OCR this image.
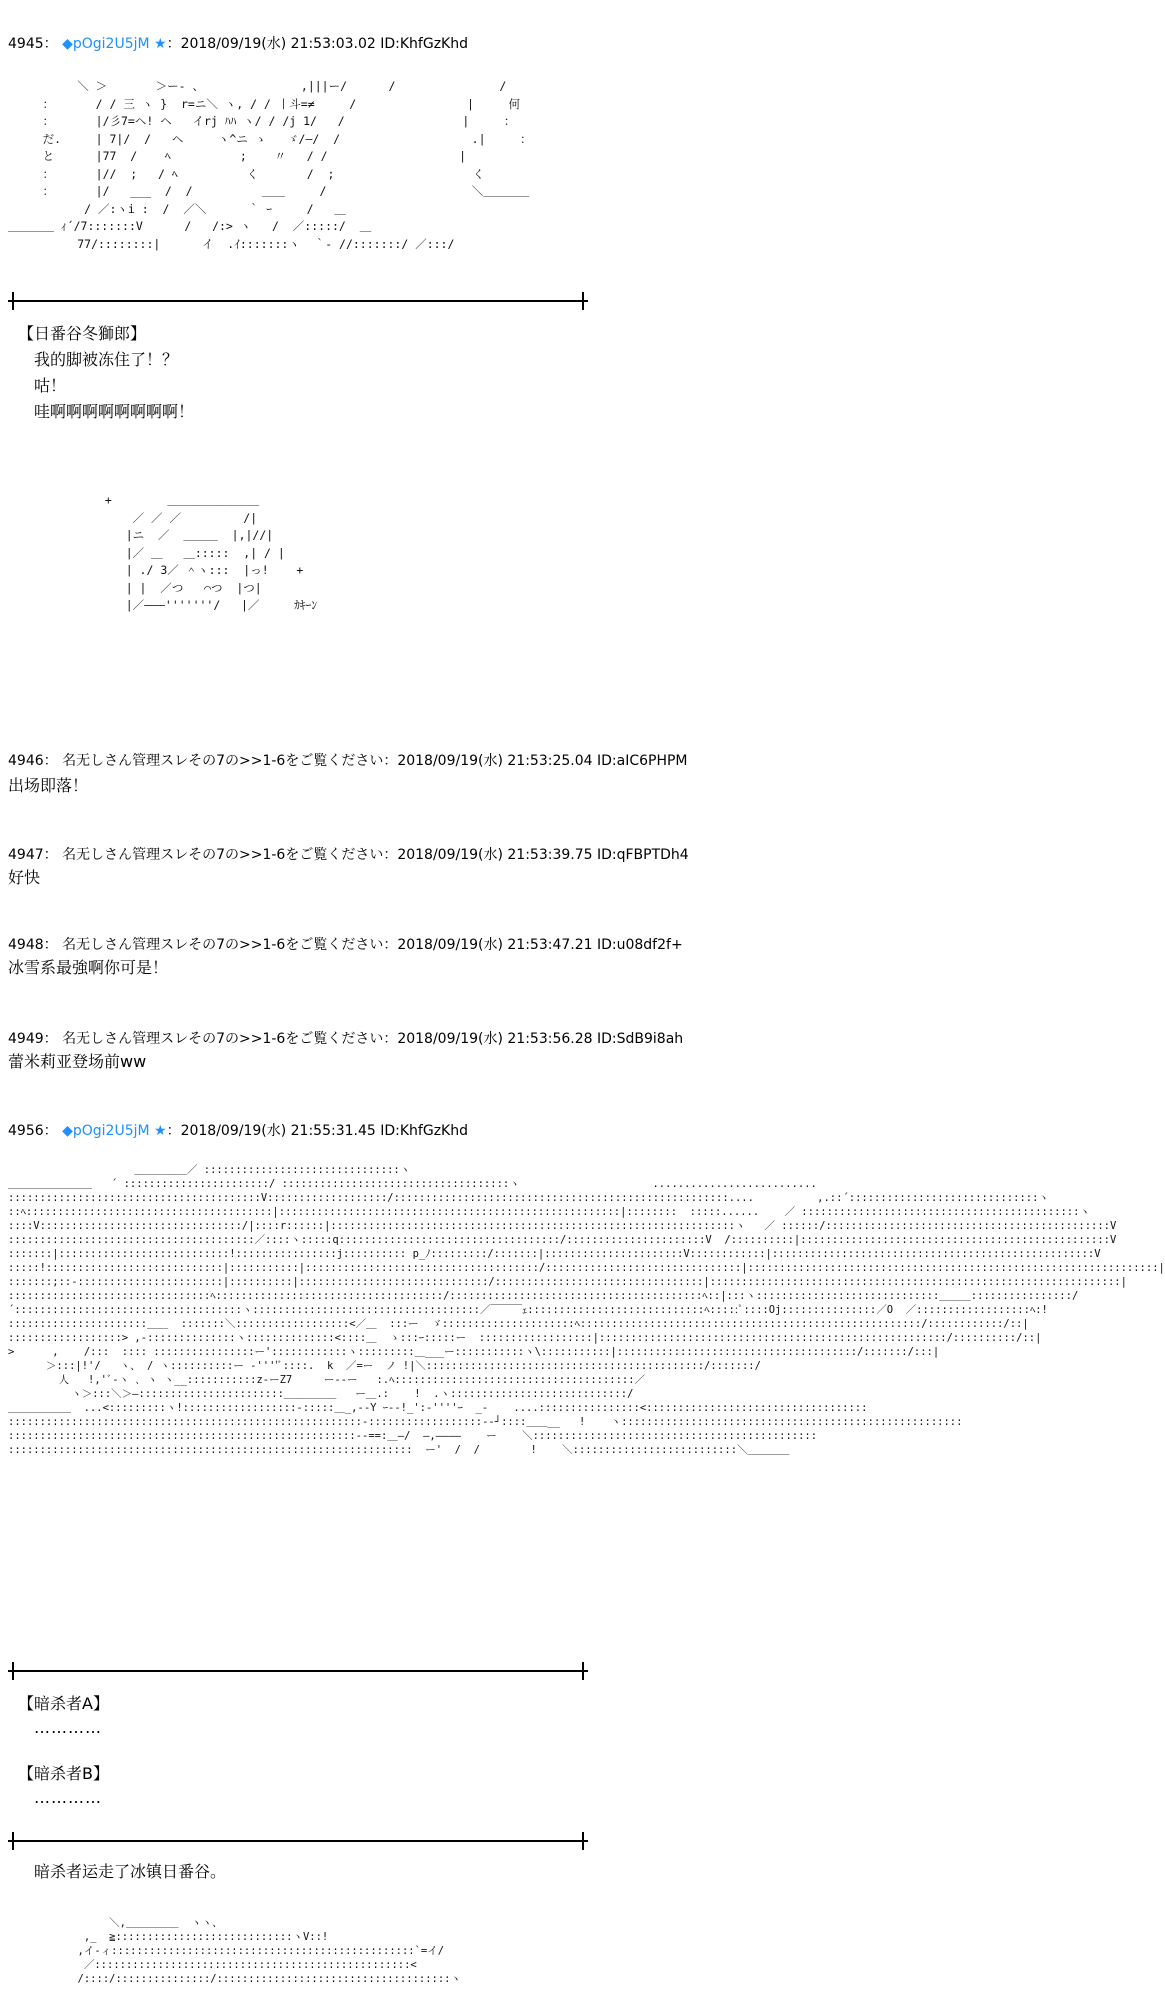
4945： ◆pOgi2U5jM ★：2018/09/19(水) 21:53:03.02 ID:KhfGzKhd
＼ ＞       ＞ー- 、              ,|||ー/      /               /
：      / / 三 ヽ }  r=ニ＼ ヽ, / / 丨斗=≠     /                |     何
：      |/彡7=ヘ! ヘ   イrj ﾊﾊ ヽ/ / /j 1/   /                 |     ：
だ.     | 7|/  /   ヘ     ヽ^ニ ゝ   ゞ/―/  /                   .|     ：
と      |77  /    ﾍ          ;    〃   / /                   |
：      |//  ;   / ﾍ          く       /  ;                    く
：      |/   ___  /  /          ＿＿     /                     ＼＿＿＿＿
/ ／:ヽi :  /  ／＼      ｀ ｰ     /   ＿
＿＿＿＿ ｨ´/7:::::::V      /   /:> ヽ   /  ／:::::/  ＿
77/::::::::|      イ  .ｲ:::::::ヽ  ｀- //:::::::/ ／:::/
【日番谷冬獅郎】
我的脚被冻住了！？
咕！
哇啊啊啊啊啊啊啊啊！
+        ＿＿＿＿＿＿＿＿
／ ／ ／         /|
|ニ  ／  ＿＿＿  |,|//|
|／ ＿   ＿:::::  ,| / |
| ./ 3／ ＾ヽ:::  |っ!    +
| |  ／つ   ⌒つ  |つ|
|／―――'''''''/   |／     ｶｷｰﾝ
4946： 名无しさん管理スレその7の>>1-6をご覧ください：2018/09/19(水) 21:53:25.04 ID:aIC6PHPM
出场即落！
4947： 名无しさん管理スレその7の>>1-6をご覧ください：2018/09/19(水) 21:53:39.75 ID:qFBPTDh4
好快
4948： 名无しさん管理スレその7の>>1-6をご覧ください：2018/09/19(水) 21:53:47.21 ID:u08df2f+
冰雪系最強啊你可是！
4949： 名无しさん管理スレその7の>>1-6をご覧ください：2018/09/19(水) 21:53:56.28 ID:SdB9i8ah
蕾米莉亚登场前ww
4956： ◆pOgi2U5jM ★：2018/09/19(水) 21:55:31.45 ID:KhfGzKhd
＿＿＿＿＿／ :::::::::::::::::::::::::::::::ヽ
＿＿＿＿＿＿＿＿   ´ :::::::::::::::::::::::/ ::::::::::::::::::::::::::::::::::::ヽ                     ..........................
::::::::::::::::::::::::::::::::::::::::V:::::::::::::::::::/:::::::::::::::::::::::::::::::::::::::::::::::::::::....          ,.::´::::::::::::::::::::::::::::::ヽ
::ﾍ:::::::::::::::::::::::::::::::::::::::|::::::::::::::::::::::::::::::::::::::::::::::::::::::|::::::::  :::::......    ／ ::::::::::::::::::::::::::::::::::::::::::::ヽ
::::V::::::::::::::::::::::::::::::::/|::::r::::::|::::::::::::::::::::::::::::::::::::::::::::::::::::::::::::::::ヽ   ／ ::::::/:::::::::::::::::::::::::::::::::::::::::::::V
:::::::::::::::::::::::::::::::::::::::／::::ヽ:::::q:::::::::::::::::::::::::::::::::::/::::::::::::::::::::::V  /::::::::::|:::::::::::::::::::::::::::::::::::::::::::::::::V
:::::::|:::::::::::::::::::::::::::!::::::::::::::::j:::::::::: p_ﾉ:::::::::/:::::::|::::::::::::::::::::::V::::::::::::|:::::::::::::::::::::::::::::::::::::::::::::::::::V
:::::!::::::::::::::::::::::::::::|:::::::::::|:::::::::::::::::::::::::::::::::::::/:::::::::::::::::::::::::::::::|:::::::::::::::::::::::::::::::::::::::::::::::::::::::::::::::::|
:::::::;::-:::::::::::::::::::::::|::::::::::|::::::::::::::::::::::::::::::/:::::::::::::::::::::::::::::::::|:::::::::::::::::::::::::::::::::::::::::::::::::::::::::::::::::|
::::::::::::::::::::::::::::::::ﾍ::::::::::::::::::::::::::::::::::::/::::::::::::::::::::::::::::::::::::::::ﾍ::|:::ヽ:::::::::::::::::::::::::::::＿＿＿::::::::::::::::/
´::::::::::::::::::::::::::::::::::::ヽ::::::::::::::::::::::::::::::::::::／￣￣￣ｪ::::::::::::::::::::::::::::ﾍ:::::ﾟ::::Oj:::::::::::::::／O  ／::::::::::::::::::ﾍ:!
::::::::::::::::::::::＿＿  :::::::＼::::::::::::::::::<／＿  :::ー  ゞ:::::::::::::::::::::ﾍ::::::::::::::::::::::::::::::::::::::::::::::::::::::/::::::::::::/::|
::::::::::::::::::> ,-::::::::::::::ヽ::::::::::::::<::::＿  ゝ:::ｰ:::::ー  ::::::::::::::::::|:::::::::::::::::::::::::::::::::::::::::::::::::::::::/::::::::::/::|
>      ,    /:::  :::: ::::::::::::::::ー'::::::::::::ヽ:::::::::＿___ー:::::::::::ヽ\:::::::::::|::::::::::::::::::::::::::::::::::::::/:::::::/:::|
＞:::|!'/   ヽ、 / ヽ::::::::::ー ‐''''ﾞ::::.  k  ／=ー  ノ !|＼::::::::::::::::::::::::::::::::::::::::::::/:::::::/
人   !,'ﾞ-ヽ ､ ヽ ヽ__:::::::::::z-ーZ7     ー--ー   :.ﾍ::::::::::::::::::::::::::::::::::::::／
ヽ＞:::＼＞―:::::::::::::::::::::::＿＿＿＿＿   ー＿.:    !  .ヽ::::::::::::::::::::::::::::/
＿＿＿＿＿＿  ...<:::::::::ヽ!::::::::::::::::::-:::::＿_,--Y ｰ--!_':-''''ｰ  _-    ....::::::::::::::::<:::::::::::::::::::::::::::::::::::
::::::::::::::::::::::::::::::::::::::::::::::::::::::::-::::::::::::::::::--┘::::＿＿__   !    ヽ::::::::::::::::::::::::::::::::::::::::::::::::::::::
:::::::::::::::::::::::::::::::::::::::::::::::::::::::--==:＿―/  ―,――――    ー    ＼:::::::::::::::::::::::::::::::::::::::::::::
::::::::::::::::::::::::::::::::::::::::::::::::::::::::::::::::  ー'  /  /        !    ＼::::::::::::::::::::::::::＼＿＿＿＿
【暗杀者A】
…………
【暗杀者B】
…………
暗杀者运走了冰镇日番谷。
＼,＿＿＿＿＿  ヽヽ、
,_  ≧::::::::::::::::::::::::::::ヽV::!
,イ-ィ::::::::::::::::::::::::::::::::::::::::::::::::`=イ/
／::::::::::::::::::::::::::::::::::::::::::::::::::<
/::::/:::::::::::::::/:::::::::::::::::::::::::::::::::::::ヽ
